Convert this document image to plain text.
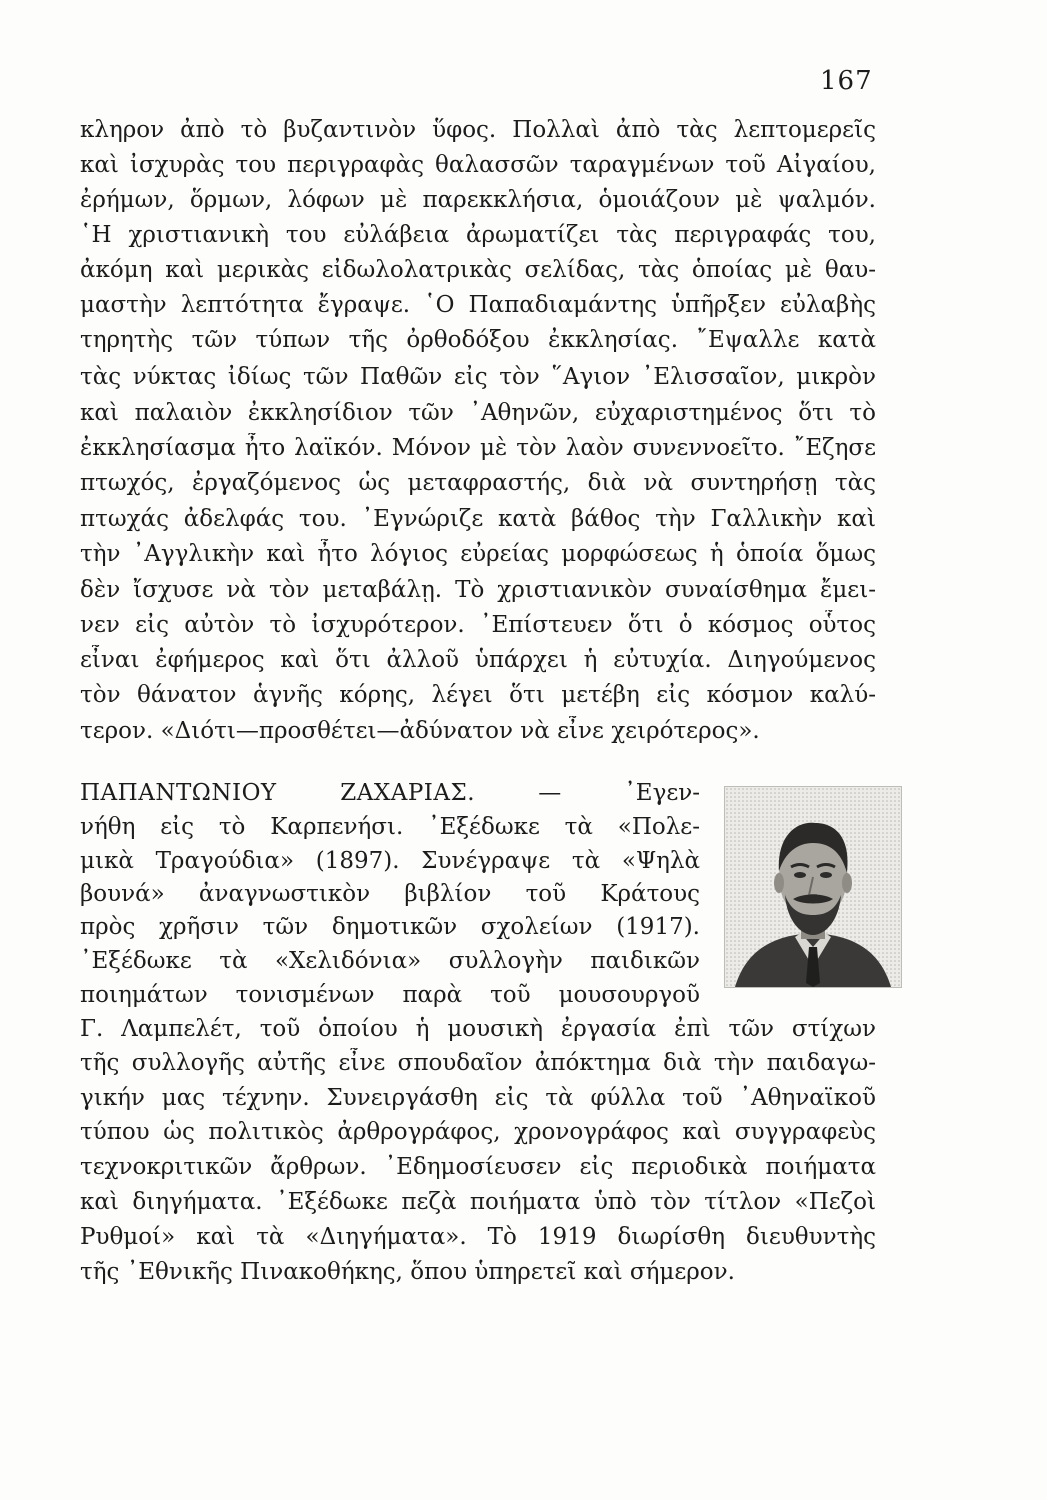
167
κληρον ἀπὸ τὸ βυζαντινὸν ὕφος. Πολλαὶ ἀπὸ τὰς λεπτομερεῖς
καὶ ἰσχυρὰς του περιγραφὰς θαλασσῶν ταραγμένων τοῦ Αἰγαίου,
ἐρήμων, ὅρμων, λόφων μὲ παρεκκλήσια, ὁμοιάζουν μὲ ψαλμόν.
῾Η χριστιανικὴ του εὐλάβεια ἀρωματίζει τὰς περιγραφάς του,
ἀκόμη καὶ μερικὰς εἰδωλολατρικὰς σελίδας, τὰς ὁποίας μὲ θαυ-
μαστὴν λεπτότητα ἔγραψε. ῾Ο Παπαδιαμάντης ὑπῆρξεν εὐλαβὴς
τηρητὴς τῶν τύπων τῆς ὀρθοδόξου ἐκκλησίας. ῎Εψαλλε κατὰ
τὰς νύκτας ἰδίως τῶν Παθῶν εἰς τὸν ῞Αγιον ᾿Ελισσαῖον, μικρὸν
καὶ παλαιὸν ἐκκλησίδιον τῶν ᾿Αθηνῶν, εὐχαριστημένος ὅτι τὸ
ἐκκλησίασμα ἦτο λαϊκόν. Μόνον μὲ τὸν λαὸν συνεννοεῖτο. ῎Εζησε
πτωχός, ἐργαζόμενος ὡς μεταφραστής, διὰ νὰ συντηρήσῃ τὰς
πτωχάς ἀδελφάς του. ᾿Εγνώριζε κατὰ βάθος τὴν Γαλλικὴν καὶ
τὴν ᾿Αγγλικὴν καὶ ἦτο λόγιος εὐρείας μορφώσεως ἡ ὁποία ὅμως
δὲν ἴσχυσε νὰ τὸν μεταβάλῃ. Τὸ χριστιανικὸν συναίσθημα ἔμει-
νεν εἰς αὐτὸν τὸ ἰσχυρότερον. ᾿Επίστευεν ὅτι ὁ κόσμος οὗτος
εἶναι ἐφήμερος καὶ ὅτι ἀλλοῦ ὑπάρχει ἡ εὐτυχία. Διηγούμενος
τὸν θάνατον ἁγνῆς κόρης, λέγει ὅτι μετέβη εἰς κόσμον καλύ-
τερον. «Διότι—προσθέτει—ἀδύνατον νὰ εἶνε χειρότερος».
ΠΑΠΑΝΤΩΝΙΟΥ ΖΑΧΑΡΙΑΣ.	— ᾿Εγεν-
νήθη εἰς τὸ Καρπενήσι. ᾿Εξέδωκε τὰ «Πολε-
μικὰ Τραγούδια» (1897). Συνέγραψε τὰ «Ψηλὰ
βουνά» ἀναγνωστικὸν βιβλίον τοῦ Κράτους
πρὸς χρῆσιν τῶν δημοτικῶν σχολείων (1917).
᾿Εξέδωκε τὰ «Χελιδόνια» συλλογὴν παιδικῶν
ποιημάτων τονισμένων παρὰ τοῦ μουσουργοῦ
Γ. Λαμπελέτ, τοῦ ὁποίου ἡ μουσικὴ ἐργασία ἐπὶ τῶν στίχων
τῆς συλλογῆς αὐτῆς εἶνε σπουδαῖον ἀπόκτημα διὰ τὴν παιδαγω-
γικήν μας τέχνην. Συνειργάσθη εἰς τὰ φύλλα τοῦ ᾿Αθηναϊκοῦ
τύπου ὡς πολιτικὸς ἀρθρογράφος, χρονογράφος καὶ συγγραφεὺς
τεχνοκριτικῶν ἄρθρων. ᾿Εδημοσίευσεν εἰς περιοδικὰ ποιήματα
καὶ διηγήματα. ᾿Εξέδωκε πεζὰ ποιήματα ὑπὸ τὸν τίτλον «Πεζοὶ
Ρυθμοί» καὶ τὰ «Διηγήματα». Τὸ 1919 διωρίσθη διευθυντὴς
τῆς ᾿Εθνικῆς Πινακοθήκης, ὅπου ὑπηρετεῖ καὶ σήμερον.
